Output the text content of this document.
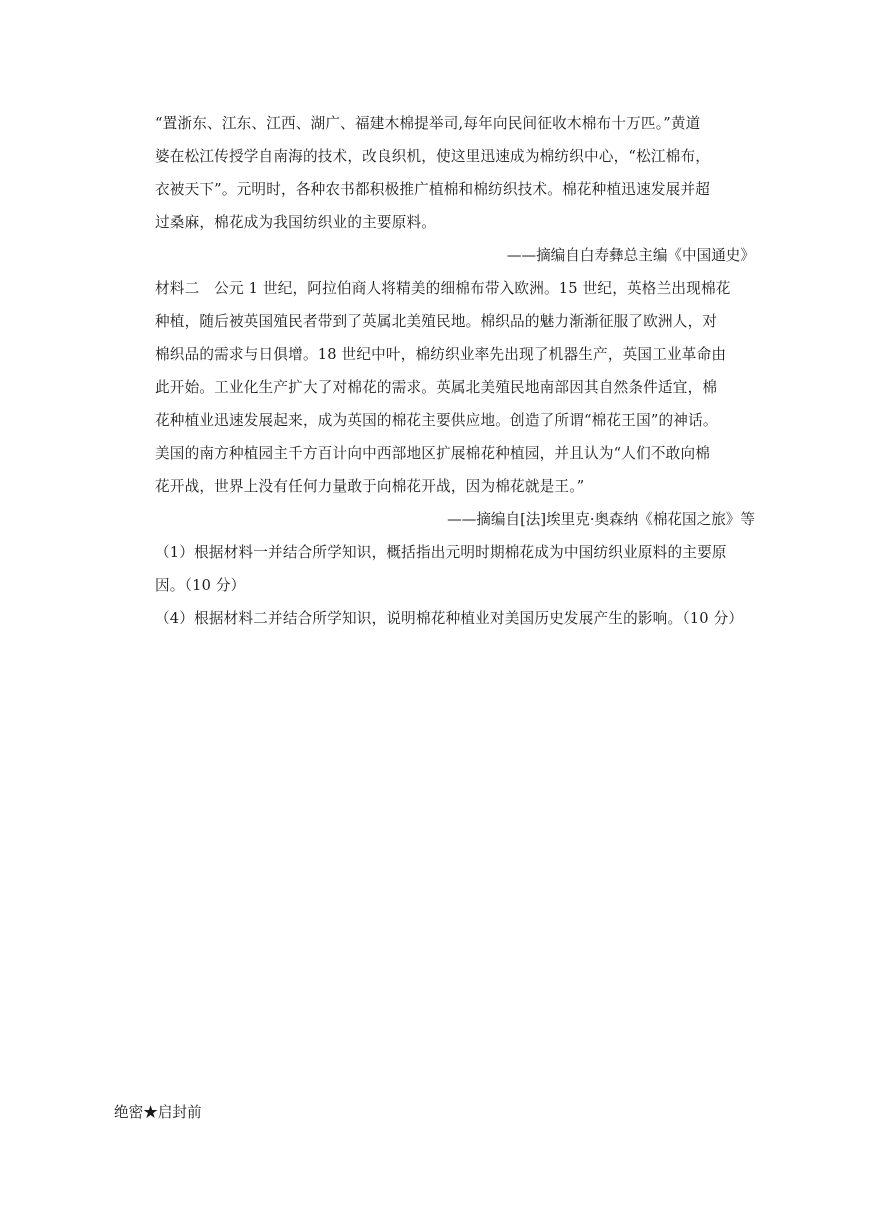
“置浙东、江东、江西、湖广、福建木棉提举司,每年向民间征收木棉布十万匹。”黄道

婆在松江传授学自南海的技术，改良织机，使这里迅速成为棉纺织中心，“松江棉布，

衣被天下”。元明时，各种农书都积极推广植棉和棉纺织技术。棉花种植迅速发展并超

过桑麻，棉花成为我国纺织业的主要原料。

——摘编自白寿彝总主编《中国通史》

材料二　公元 1 世纪，阿拉伯商人将精美的细棉布带入欧洲。15 世纪，英格兰出现棉花

种植，随后被英国殖民者带到了英属北美殖民地。棉织品的魅力渐渐征服了欧洲人，对

棉织品的需求与日俱增。18 世纪中叶，棉纺织业率先出现了机器生产，英国工业革命由

此开始。工业化生产扩大了对棉花的需求。英属北美殖民地南部因其自然条件适宜，棉

花种植业迅速发展起来，成为英国的棉花主要供应地。创造了所谓“棉花王国”的神话。

美国的南方种植园主千方百计向中西部地区扩展棉花种植园，并且认为“人们不敢向棉

花开战，世界上没有任何力量敢于向棉花开战，因为棉花就是王。”

——摘编自[法]埃里克·奥森纳《棉花国之旅》等

（1）根据材料一并结合所学知识，概括指出元明时期棉花成为中国纺织业原料的主要原

因。（10 分）

（4）根据材料二并结合所学知识，说明棉花种植业对美国历史发展产生的影响。（10 分）

绝密★启封前
